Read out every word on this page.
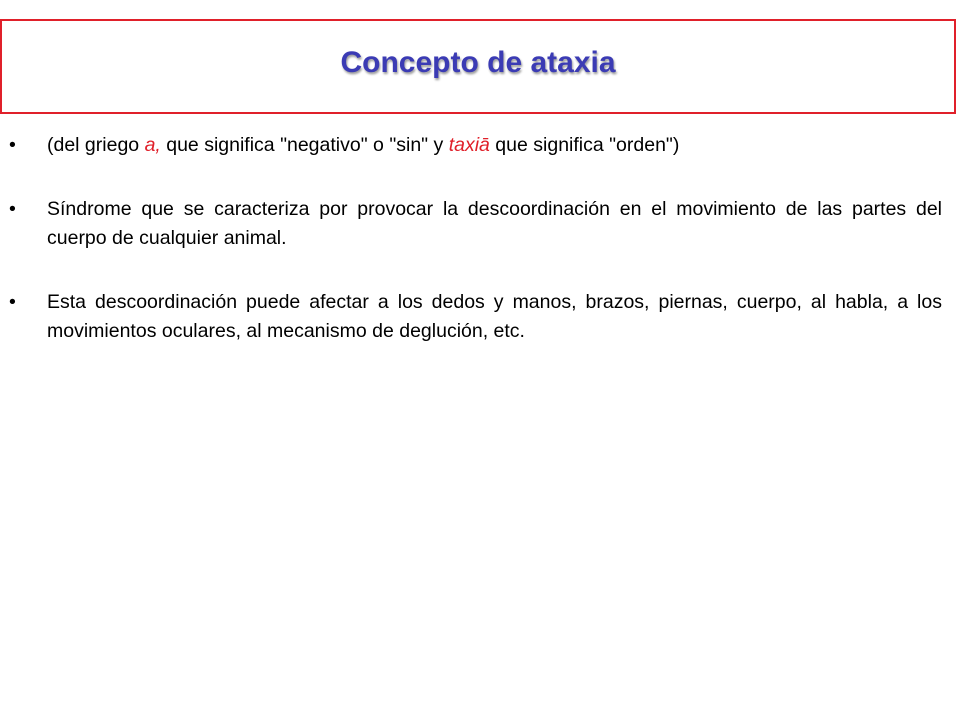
Concepto de ataxia
• (del griego a, que significa "negativo" o "sin" y taxiā que significa "orden")
• Síndrome que se caracteriza por provocar la descoordinación en el movimiento de las partes del cuerpo de cualquier animal.
• Esta descoordinación puede afectar a los dedos y manos, brazos, piernas, cuerpo, al habla, a los movimientos oculares, al mecanismo de deglución, etc.
